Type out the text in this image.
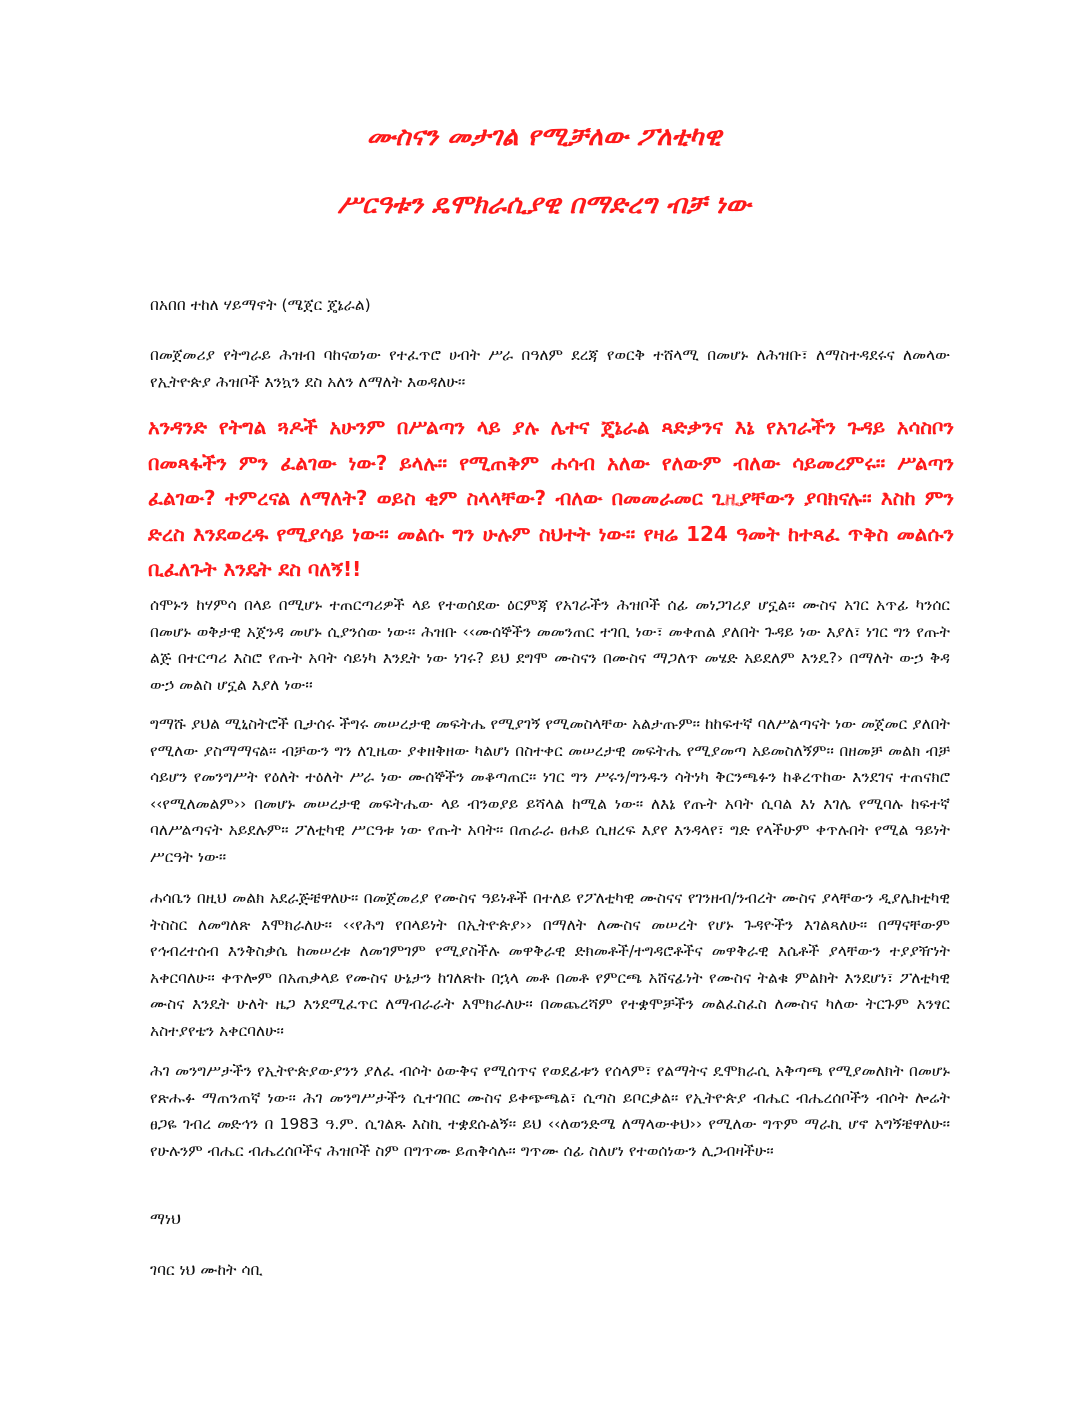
ሙስናን መታገል የሚቻለው ፖለቲካዊ
ሥርዓቱን ዴሞክራሲያዊ በማድረግ ብቻ ነው

በአበበ ተከለ ሃይማኖት (ሜጀር ጄኔራል)

በመጀመሪያ የትግራይ ሕዝብ ባከናወነው የተፈጥሮ ሀብት ሥራ በዓለም ደረጃ የወርቅ ተሸላሚ በመሆኑ ለሕዝቡ፣ ለማስተዳደሩና ለመላው የኢትዮጵያ ሕዝቦች እንኳን ደስ አለን ለማለት እወዳለሁ፡፡

አንዳንድ የትግል ጓዶች አሁንም በሥልጣን ላይ ያሉ ሌተና ጄኔራል ጻድቃንና እኔ የአገራችን ጉዳይ አሳስቦን በመጻፋችን ምን ፈልገው ነው? ይላሉ፡፡ የሚጠቅም ሐሳብ አለው የለውም ብለው ሳይመረምሩ፡፡ ሥልጣን ፈልገው? ተምረናል ለማለት? ወይስ ቂም ስላላቸው? ብለው በመመራመር ጊዚያቸውን ያባክናሉ፡፡ እስከ ምን ድረስ እንደወረዱ የሚያሳይ ነው፡፡ መልሱ ግን ሁሉም ስህተት ነው፡፡ የዛሬ 124 ዓመት ከተጻፈ ጥቅስ መልሱን ቢፈለጉት እንዴት ደስ ባለኝ!!

ሰሞኑን ከሃምሳ በላይ በሚሆኑ ተጠርጣሪዎች ላይ የተወሰደው ዕርምጃ የአገራችን ሕዝቦች ሰፊ መነጋገሪያ ሆኗል፡፡ ሙስና አገር አጥፊ ካንሰር በመሆኑ ወቅታዊ አጀንዳ መሆኑ ሲያንሰው ነው፡፡ ሕዝቡ ‹‹ሙሰኞችን መመንጠር ተገቢ ነው፣ መቀጠል ያለበት ጉዳይ ነው እያለ፣ ነገር ግን የጡት ልጅ በተርጣሪ እስሮ የጡት አባት ሳይነካ እንዴት ነው ነገሩ? ይህ ደግሞ ሙስናን በሙስና ማጋለጥ መሄድ አይደለም እንዴ?› በማለት ውኃ ቅዳ ውኃ መልስ ሆኗል እያለ ነው፡፡

ግማሹ ያህል ሚኒስትሮች ቢታሰሩ ችግሩ መሠረታዊ መፍትሔ የሚያገኝ የሚመስላቸው አልታጡም፡፡ ከከፍተኛ ባለሥልጣናት ነው መጀመር ያለበት የሚለው ያስማማናል፡፡ ብቻውን ግን ለጊዜው ያቀዘቅዘው ካልሆነ በስተቀር መሠረታዊ መፍትሔ የሚያመጣ አይመስለኝም፡፡ በዘመቻ መልክ ብቻ ሳይሆን የመንግሥት የዕለት ተዕለት ሥራ ነው ሙሰኞችን መቆጣጠር፡፡ ነገር ግን ሥሩን/ግንዱን ሳትነካ ቅርንጫፉን ከቆረጥከው እንደገና ተጠናክሮ ‹‹የሚለመልም›› በመሆኑ መሠረታዊ መፍትሔው ላይ ብንወያይ ይሻላል ከሚል ነው፡፡ ለእኔ የጡት አባት ሲባል እነ እገሌ የሚባሉ ከፍተኛ ባለሥልጣናት አይደሉም፡፡ ፖለቲካዊ ሥርዓቱ ነው የጡት አባት፡፡ በጠራራ ፀሐይ ሲዘረፍ እያየ እንዳላየ፣ ግድ የላችሁም ቀጥሉበት የሚል ዓይነት ሥርዓት ነው፡፡

ሐሳቤን በዚህ መልክ አደራጅቼዋለሁ፡፡ በመጀመሪያ የሙስና ዓይነቶች በተለይ የፖለቲካዊ ሙስናና የገንዘብ/ንብረት ሙስና ያላቸውን ዲያሌክቲካዊ ትስስር ለመግለጽ እሞክራለሁ፡፡ ‹‹የሕግ የበላይነት በኢትዮጵያ›› በማለት ለሙስና መሠረት የሆኑ ጉዳዮችን እገልጻለሁ፡፡ በማናቸውም የኅብረተሰብ እንቅስቃሴ ከመሠረቱ ለመገምገም የሚያስችሉ መዋቅራዊ ድክመቶች/ተግዳሮቶችና መዋቅራዊ እሴቶች ያላቸውን ተያያዥነት አቀርባለሁ፡፡ ቀጥሎም በአጠቃላይ የሙስና ሁኔታን ከገለጽኩ በኋላ መቶ በመቶ የምርጫ አሸናፊነት የሙስና ትልቁ ምልክት እንደሆነ፣ ፖለቲካዊ ሙስና እንዴት ሁለት ዜጋ እንደሚፈጥር ለማብራራት እሞክራለሁ፡፡ በመጨረሻም የተቋሞቻችን መልፈስፈስ ለሙስና ካለው ትርጉም አንፃር አስተያየቴን አቀርባለሁ፡፡

ሕገ መንግሥታችን የኢትዮጵያውያንን ያለፈ ብሶት ዕውቅና የሚሰጥና የወደፊቱን የሰላም፣ የልማትና ዴሞክራሲ አቅጣጫ የሚያመለክት በመሆኑ የጽሑፉ ማጠንጠኛ ነው፡፡ ሕገ መንግሥታችን ሲተገበር ሙስና ይቀጭጫል፣ ሲጣስ ይቦርቃል፡፡ የኢትዮጵያ ብሔር ብሔረሰቦችን ብሶት ሎሬት ፀጋዬ ገብረ መድኅን በ 1983 ዓ.ም. ሲገልጹ እስኪ ተቋደሱልኝ፡፡ ይህ ‹‹ለወንድሜ ለማላውቀህ›› የሚለው ግጥም ማራኪ ሆኖ አግኝቼዋለሁ፡፡ የሁሉንም ብሔር ብሔረሰቦችና ሕዝቦች ስም በግጥሙ ይጠቅሳሉ፡፡ ግጥሙ ሰፊ ስለሆነ የተወሰነውን ሊጋብዛችሁ፡፡

ማነህ

ገባር ነህ ሙከት ሳቢ
